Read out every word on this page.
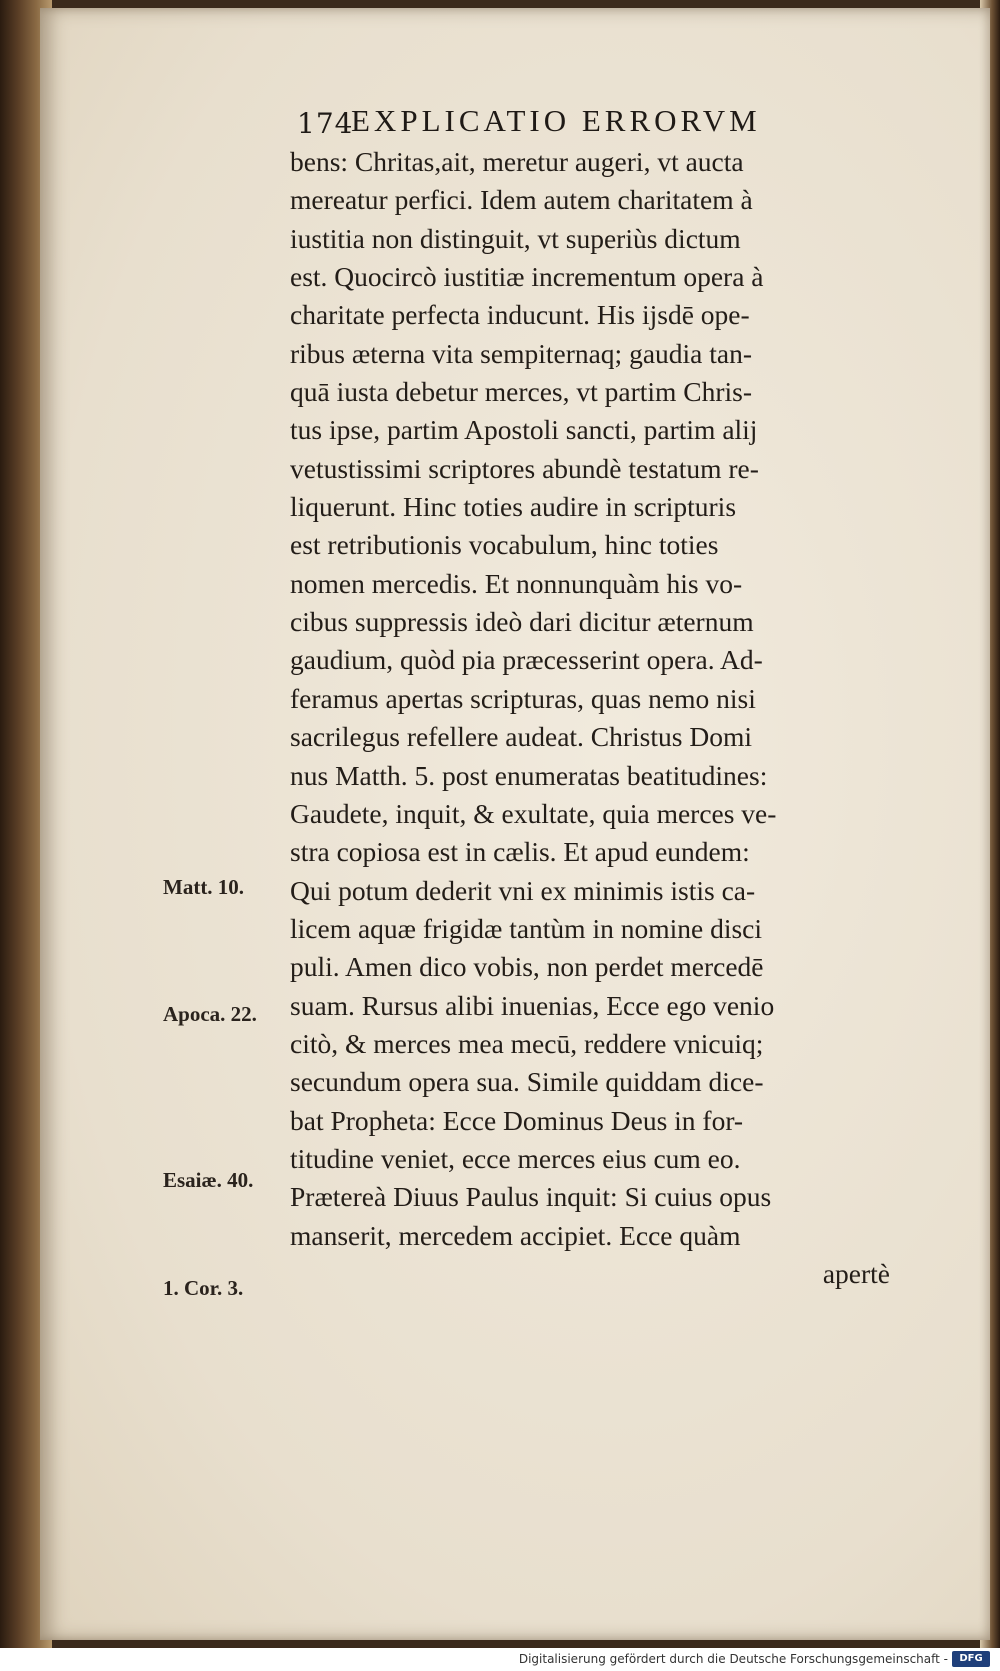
174
EXPLICATIO ERRORVM
bens: Chritas,ait, meretur augeri, vt aucta
mereatur perfici. Idem autem charitatem à
iustitia non distinguit, vt superiùs dictum
est. Quocircò iustitiæ incrementum opera à
charitate perfecta inducunt. His ijsdē ope-
ribus æterna vita sempiternaq; gaudia tan-
quā iusta debetur merces, vt partim Chris-
tus ipse, partim Apostoli sancti, partim alij
vetustissimi scriptores abundè testatum re-
liquerunt. Hinc toties audire in scripturis
est retributionis vocabulum, hinc toties
nomen mercedis. Et nonnunquàm his vo-
cibus suppressis ideò dari dicitur æternum
gaudium, quòd pia præcesserint opera. Ad-
feramus apertas scripturas, quas nemo nisi
sacrilegus refellere audeat. Christus Domi
nus Matth. 5. post enumeratas beatitudines:
Gaudete, inquit, & exultate, quia merces ve-
stra copiosa est in cælis. Et apud eundem:
Qui potum dederit vni ex minimis istis ca-
licem aquæ frigidæ tantùm in nomine disci
puli. Amen dico vobis, non perdet mercedē
suam. Rursus alibi inuenias, Ecce ego venio
citò, & merces mea mecū, reddere vnicuiq;
secundum opera sua. Simile quiddam dice-
bat Propheta: Ecce Dominus Deus in for-
titudine veniet, ecce merces eius cum eo.
Prætereà Diuus Paulus inquit: Si cuius opus
manserit, mercedem accipiet. Ecce quàm
apertè
Matt. 10.
Apoca. 22.
Esaiæ. 40.
1. Cor. 3.
Digitalisierung gefördert durch die Deutsche Forschungsgemeinschaft -	DFG
